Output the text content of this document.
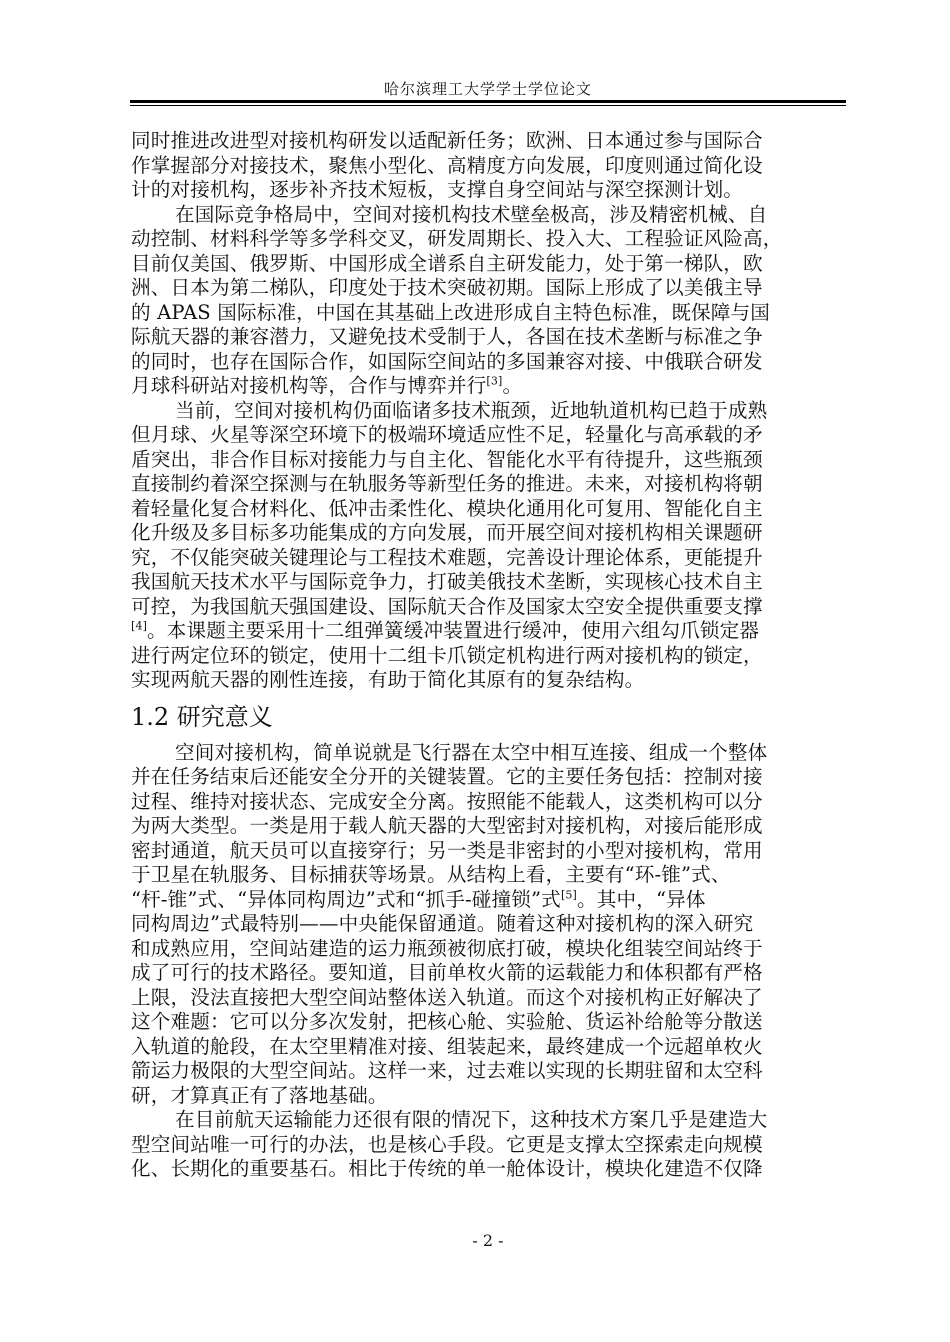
哈尔滨理工大学学士学位论文
同时推进改进型对接机构研发以适配新任务；欧洲、日本通过参与国际合
作掌握部分对接技术，聚焦小型化、高精度方向发展，印度则通过简化设
计的对接机构，逐步补齐技术短板，支撑自身空间站与深空探测计划。
在国际竞争格局中，空间对接机构技术壁垒极高，涉及精密机械、自
动控制、材料科学等多学科交叉，研发周期长、投入大、工程验证风险高，
目前仅美国、俄罗斯、中国形成全谱系自主研发能力，处于第一梯队，欧
洲、日本为第二梯队，印度处于技术突破初期。国际上形成了以美俄主导
的 APAS 国际标准，中国在其基础上改进形成自主特色标准，既保障与国
际航天器的兼容潜力，又避免技术受制于人，各国在技术垄断与标准之争
的同时，也存在国际合作，如国际空间站的多国兼容对接、中俄联合研发
月球科研站对接机构等，合作与博弈并行[3]。
当前，空间对接机构仍面临诸多技术瓶颈，近地轨道机构已趋于成熟
但月球、火星等深空环境下的极端环境适应性不足，轻量化与高承载的矛
盾突出，非合作目标对接能力与自主化、智能化水平有待提升，这些瓶颈
直接制约着深空探测与在轨服务等新型任务的推进。未来，对接机构将朝
着轻量化复合材料化、低冲击柔性化、模块化通用化可复用、智能化自主
化升级及多目标多功能集成的方向发展，而开展空间对接机构相关课题研
究，不仅能突破关键理论与工程技术难题，完善设计理论体系，更能提升
我国航天技术水平与国际竞争力，打破美俄技术垄断，实现核心技术自主
可控，为我国航天强国建设、国际航天合作及国家太空安全提供重要支撑
[4]。本课题主要采用十二组弹簧缓冲装置进行缓冲，使用六组勾爪锁定器
进行两定位环的锁定，使用十二组卡爪锁定机构进行两对接机构的锁定，
实现两航天器的刚性连接，有助于简化其原有的复杂结构。
1.2 研究意义
空间对接机构，简单说就是飞行器在太空中相互连接、组成一个整体
并在任务结束后还能安全分开的关键装置。它的主要任务包括：控制对接
过程、维持对接状态、完成安全分离。按照能不能载人，这类机构可以分
为两大类型。一类是用于载人航天器的大型密封对接机构，对接后能形成
密封通道，航天员可以直接穿行；另一类是非密封的小型对接机构，常用
于卫星在轨服务、目标捕获等场景。从结构上看，主要有“环-锥”式、
“杆-锥”式、“异体同构周边”式和“抓手-碰撞锁”式[5]。其中，“异体
同构周边”式最特别——中央能保留通道。随着这种对接机构的深入研究
和成熟应用，空间站建造的运力瓶颈被彻底打破，模块化组装空间站终于
成了可行的技术路径。要知道，目前单枚火箭的运载能力和体积都有严格
上限，没法直接把大型空间站整体送入轨道。而这个对接机构正好解决了
这个难题：它可以分多次发射，把核心舱、实验舱、货运补给舱等分散送
入轨道的舱段，在太空里精准对接、组装起来，最终建成一个远超单枚火
箭运力极限的大型空间站。这样一来，过去难以实现的长期驻留和太空科
研，才算真正有了落地基础。
在目前航天运输能力还很有限的情况下，这种技术方案几乎是建造大
型空间站唯一可行的办法，也是核心手段。它更是支撑太空探索走向规模
化、长期化的重要基石。相比于传统的单一舱体设计，模块化建造不仅降
- 2 -
